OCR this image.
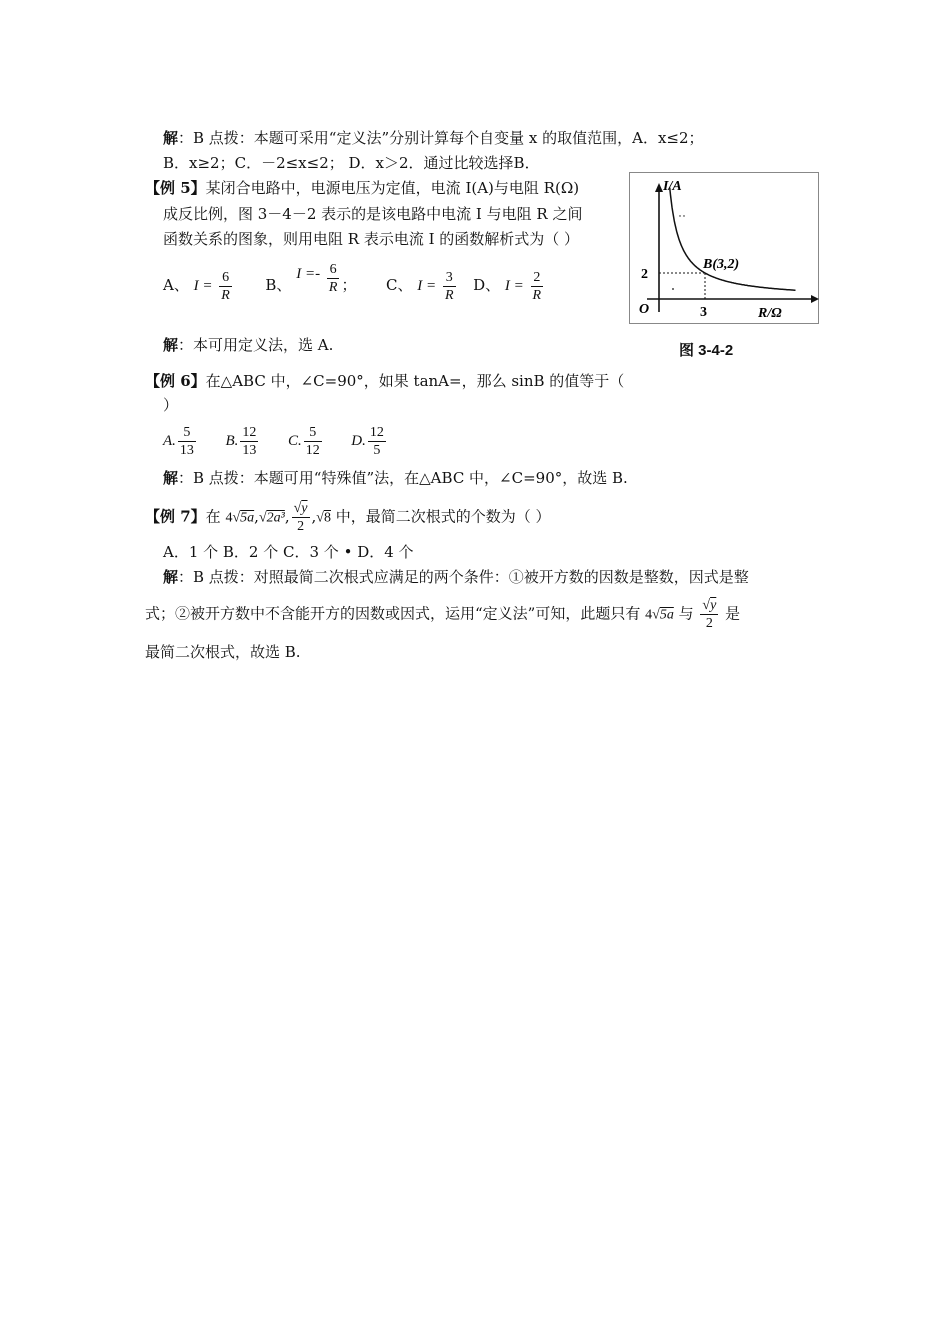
解：B 点拨：本题可采用“定义法”分别计算每个自变量 x 的取值范围，A．x≤2；
B．x≥2；C．－2≤x≤2； D．x＞2．通过比较选择B．
【例 5】某闭合电路中，电源电压为定值，电流 I(A)与电阻 R(Ω)
成反比例，图 3－4－2 表示的是该电路中电流 I 与电阻 R 之间
函数关系的图象，则用电阻 R 表示电流 I 的函数解析式为（ ）
A、 $I = \frac{6}{R}$ B、 $I =- \frac{6}{R}$ ； C、 $I = \frac{3}{R}$ D、 $I = \frac{2}{R}$
解：本可用定义法，选 A.
I/A
R/Ω
O
2
3
B(3,2)
图 3-4-2
【例 6】在△ABC 中，∠C=90°，如果 tanA=，那么 sinB 的值等于（
）
A. $\frac{5}{13} B$. $\frac{12}{13} C$. $\frac{5}{12} D$. $\frac{12}{5}$
解：B 点拨：本题可用“特殊值”法，在△ABC 中，∠C=90°，故选 B.
【例 7】在 4√5a,√2a³, $\frac{√y}{2} ,√8$ 中，最简二次根式的个数为（ ）
A．1 个 B．2 个 C．3 个 • D．4 个
解：B 点拨：对照最简二次根式应满足的两个条件：①被开方数的因数是整数，因式是整
式；②被开方数中不含能开方的因数或因式，运用“定义法”可知，此题只有 4√5a 与 $\frac{√y}{2}$ 是
最简二次根式，故选 B.
